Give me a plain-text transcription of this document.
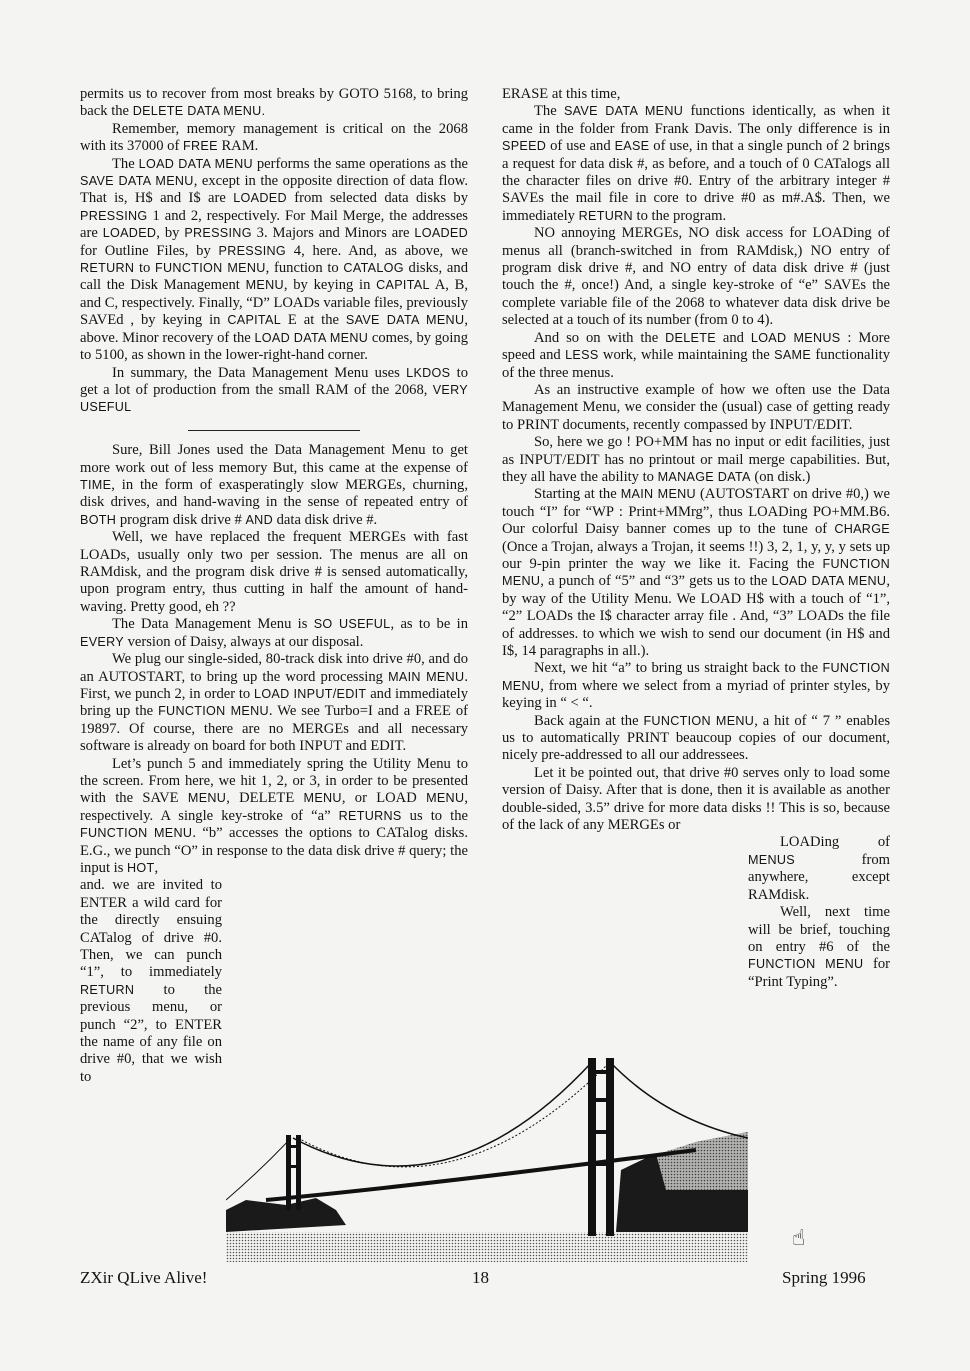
permits us to recover from most breaks by GOTO 5168, to bring back the DELETE DATA MENU.

Remember, memory management is critical on the 2068 with its 37000 of FREE RAM.

The LOAD DATA MENU performs the same operations as the SAVE DATA MENU, except in the opposite direction of data flow. That is, H$ and I$ are LOADED from selected data disks by PRESSING 1 and 2, respectively. For Mail Merge, the addresses are LOADED, by PRESSING 3. Majors and Minors are LOADED for Outline Files, by PRESSING 4, here. And, as above, we RETURN to FUNCTION MENU, function to CATALOG disks, and call the Disk Management MENU, by keying in CAPITAL A, B, and C, respectively. Finally, “D” LOADs variable files, previously SAVEd , by keying in CAPITAL E at the SAVE DATA MENU, above. Minor recovery of the LOAD DATA MENU comes, by going to 5100, as shown in the lower-right-hand corner.

In summary, the Data Management Menu uses LKDOS to get a lot of production from the small RAM of the 2068, VERY USEFUL

Sure, Bill Jones used the Data Management Menu to get more work out of less memory But, this came at the expense of TIME, in the form of exasperatingly slow MERGEs, churning, disk drives, and hand-waving in the sense of repeated entry of BOTH program disk drive # AND data disk drive #.

Well, we have replaced the frequent MERGEs with fast LOADs, usually only two per session. The menus are all on RAMdisk, and the program disk drive # is sensed automatically, upon program entry, thus cutting in half the amount of hand-waving. Pretty good, eh ??

The Data Management Menu is SO USEFUL, as to be in EVERY version of Daisy, always at our disposal.

We plug our single-sided, 80-track disk into drive #0, and do an AUTOSTART, to bring up the word processing MAIN MENU. First, we punch 2, in order to LOAD INPUT/EDIT and immediately bring up the FUNCTION MENU. We see Turbo=I and a FREE of 19897. Of course, there are no MERGEs and all necessary software is already on board for both INPUT and EDIT.

Let’s punch 5 and immediately spring the Utility Menu to the screen. From here, we hit 1, 2, or 3, in order to be presented with the SAVE MENU, DELETE MENU, or LOAD MENU, respectively. A single key-stroke of “a” RETURNS us to the FUNCTION MENU. “b” accesses the options to CATalog disks. E.G., we punch “O” in response to the data disk drive # query; the input is HOT,

and. we are invited to ENTER a wild card for the directly ensuing CATalog of drive #0. Then, we can punch “1”, to immediately RETURN to the previous menu, or punch “2”, to ENTER the name of any file on drive #0, that we wish to

ERASE at this time,

The SAVE DATA MENU functions identically, as when it came in the folder from Frank Davis. The only difference is in SPEED of use and EASE of use, in that a single punch of 2 brings a request for data disk #, as before, and a touch of 0 CATalogs all the character files on drive #0. Entry of the arbitrary integer # SAVEs the mail file in core to drive #0 as m#.A$. Then, we immediately RETURN to the program.

NO annoying MERGEs, NO disk access for LOADing of menus all (branch-switched in from RAMdisk,) NO entry of program disk drive #, and NO entry of data disk drive # (just touch the #, once!) And, a single key-stroke of “e” SAVEs the complete variable file of the 2068 to whatever data disk drive be selected at a touch of its number (from 0 to 4).

And so on with the DELETE and LOAD MENUS : More speed and LESS work, while maintaining the SAME functionality of the three menus.

As an instructive example of how we often use the Data Management Menu, we consider the (usual) case of getting ready to PRINT documents, recently compassed by INPUT/EDIT.

So, here we go ! PO+MM has no input or edit facilities, just as INPUT/EDIT has no printout or mail merge capabilities. But, they all have the ability to MANAGE DATA (on disk.)

Starting at the MAIN MENU (AUTOSTART on drive #0,) we touch “I” for “WP : Print+MMrg”, thus LOADing PO+MM.B6. Our colorful Daisy banner comes up to the tune of CHARGE (Once a Trojan, always a Trojan, it seems !!) 3, 2, 1, y, y, y sets up our 9-pin printer the way we like it. Facing the FUNCTION MENU, a punch of “5” and “3” gets us to the LOAD DATA MENU, by way of the Utility Menu. We LOAD H$ with a touch of “1”, “2” LOADs the I$ character array file . And, “3” LOADs the file of addresses. to which we wish to send our document (in H$ and I$, 14 paragraphs in all.).

Next, we hit “a” to bring us straight back to the FUNCTION MENU, from where we select from a myriad of printer styles, by keying in “ < “.

Back again at the FUNCTION MENU, a hit of “ 7 ” enables us to automatically PRINT beaucoup copies of our document, nicely pre-addressed to all our addressees.

Let it be pointed out, that drive #0 serves only to load some version of Daisy. After that is done, then it is available as another double-sided, 3.5” drive for more data disks !! This is so, because of the lack of any MERGEs or

LOADing of MENUS from anywhere, except RAMdisk.

Well, next time will be brief, touching on entry #6 of the FUNCTION MENU for “Print Typing”.

☝
ZXir QLive Alive!	18	Spring 1996
